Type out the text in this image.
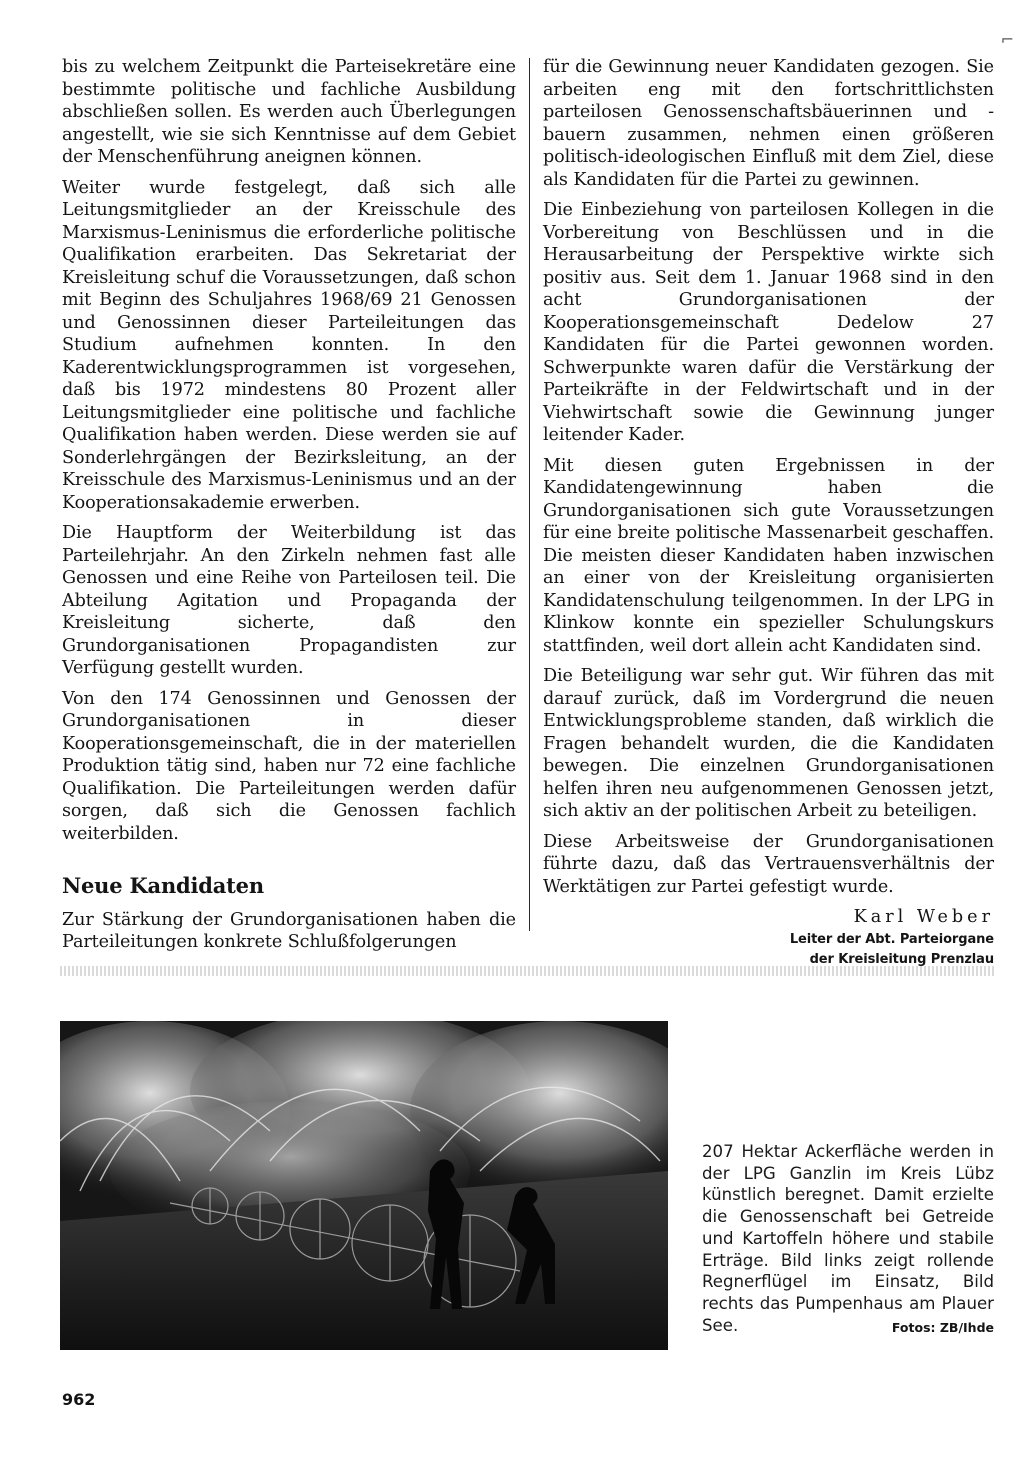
⌐

bis zu welchem Zeitpunkt die Parteisekretäre eine bestimmte politische und fachliche Ausbildung abschließen sollen. Es werden auch Überlegungen angestellt, wie sie sich Kenntnisse auf dem Gebiet der Menschenführung aneignen können.

Weiter wurde festgelegt, daß sich alle Leitungsmitglieder an der Kreisschule des Marxismus-Leninismus die erforderliche politische Qualifikation erarbeiten. Das Sekretariat der Kreisleitung schuf die Voraussetzungen, daß schon mit Beginn des Schuljahres 1968/69 21 Genossen und Genossinnen dieser Parteileitungen das Studium aufnehmen konnten. In den Kaderentwicklungsprogrammen ist vorgesehen, daß bis 1972 mindestens 80 Prozent aller Leitungsmitglieder eine politische und fachliche Qualifikation haben werden. Diese werden sie auf Sonderlehrgängen der Bezirksleitung, an der Kreisschule des Marxismus-Leninismus und an der Kooperationsakademie erwerben.

Die Hauptform der Weiterbildung ist das Parteilehrjahr. An den Zirkeln nehmen fast alle Genossen und eine Reihe von Parteilosen teil. Die Abteilung Agitation und Propaganda der Kreisleitung sicherte, daß den Grundorganisationen Propagandisten zur Verfügung gestellt wurden.

Von den 174 Genossinnen und Genossen der Grundorganisationen in dieser Kooperationsgemeinschaft, die in der materiellen Produktion tätig sind, haben nur 72 eine fachliche Qualifikation. Die Parteileitungen werden dafür sorgen, daß sich die Genossen fachlich weiterbilden.

Neue Kandidaten

Zur Stärkung der Grundorganisationen haben die Parteileitungen konkrete Schlußfolgerungen

für die Gewinnung neuer Kandidaten gezogen. Sie arbeiten eng mit den fortschrittlichsten parteilosen Genossenschaftsbäuerinnen und -bauern zusammen, nehmen einen größeren politisch-ideologischen Einfluß mit dem Ziel, diese als Kandidaten für die Partei zu gewinnen.

Die Einbeziehung von parteilosen Kollegen in die Vorbereitung von Beschlüssen und in die Herausarbeitung der Perspektive wirkte sich positiv aus. Seit dem 1. Januar 1968 sind in den acht Grundorganisationen der Kooperationsgemeinschaft Dedelow 27 Kandidaten für die Partei gewonnen worden. Schwerpunkte waren dafür die Verstärkung der Parteikräfte in der Feldwirtschaft und in der Viehwirtschaft sowie die Gewinnung junger leitender Kader.

Mit diesen guten Ergebnissen in der Kandidatengewinnung haben die Grundorganisationen sich gute Voraussetzungen für eine breite politische Massenarbeit geschaffen. Die meisten dieser Kandidaten haben inzwischen an einer von der Kreisleitung organisierten Kandidatenschulung teilgenommen. In der LPG in Klinkow konnte ein spezieller Schulungskurs stattfinden, weil dort allein acht Kandidaten sind.

Die Beteiligung war sehr gut. Wir führen das mit darauf zurück, daß im Vordergrund die neuen Entwicklungsprobleme standen, daß wirklich die Fragen behandelt wurden, die die Kandidaten bewegen. Die einzelnen Grundorganisationen helfen ihren neu aufgenommenen Genossen jetzt, sich aktiv an der politischen Arbeit zu beteiligen.

Diese Arbeitsweise der Grundorganisationen führte dazu, daß das Vertrauensverhältnis der Werktätigen zur Partei gefestigt wurde.

Karl Weber
Leiter der Abt. Parteiorgane
der Kreisleitung Prenzlau
207 Hektar Ackerfläche werden in der LPG Ganzlin im Kreis Lübz künstlich beregnet. Damit erzielte die Genossenschaft bei Getreide und Kartoffeln höhere und stabile Erträge. Bild links zeigt rollende Regnerflügel im Einsatz, Bild rechts das Pumpenhaus am Plauer See.	Fotos: ZB/Ihde
962
